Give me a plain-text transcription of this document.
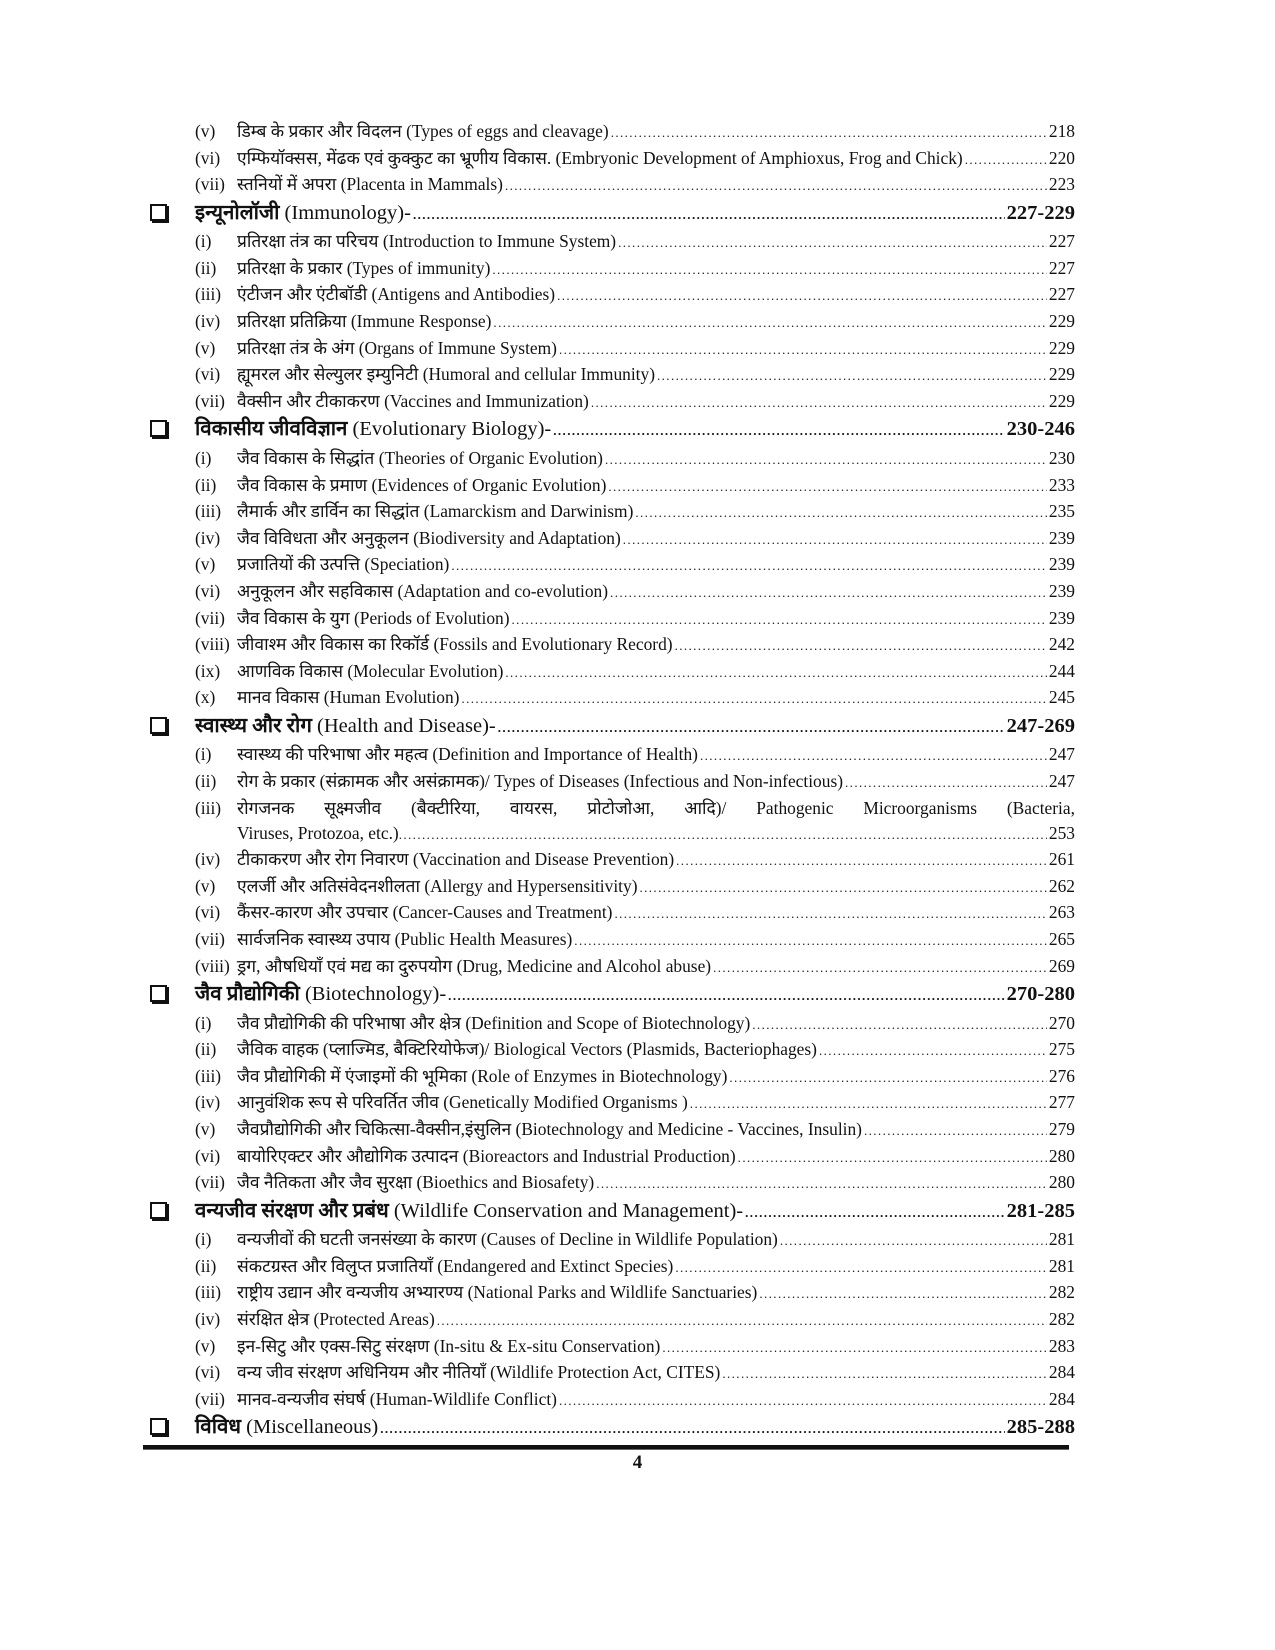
(v)	डिम्ब के प्रकार और विदलन (Types of eggs and cleavage) .....	218
(vi) एम्फियॉक्सस, मेंढक एवं कुक्कुट का भ्रूणीय विकास. (Embryonic Development of Amphioxus, Frog and Chick) .....	220
(vii) स्तनियों में अपरा (Placenta in Mammals) .....	223
इन्यूनोलॉजी (Immunology)- .....	227-229
(i)	प्रतिरक्षा तंत्र का परिचय (Introduction to Immune System) .....	227
(ii)	प्रतिरक्षा के प्रकार (Types of immunity) .....	227
(iii) एंटीजन और एंटीबॉडी (Antigens and Antibodies) .....	227
(iv) प्रतिरक्षा प्रतिक्रिया (Immune Response) .....	229
(v)	प्रतिरक्षा तंत्र के अंग (Organs of Immune System) .....	229
(vi) ह्यूमरल और सेल्युलर इम्युनिटी (Humoral and cellular Immunity) .....	229
(vii) वैक्सीन और टीकाकरण (Vaccines and Immunization) .....	229
विकासीय जीवविज्ञान (Evolutionary Biology)- .....	230-246
(i)	जैव विकास के सिद्धांत (Theories of Organic Evolution) .....	230
(ii)	जैव विकास के प्रमाण (Evidences of Organic Evolution) .....	233
(iii) लैमार्क और डार्विन का सिद्धांत (Lamarckism and Darwinism) .....	235
(iv) जैव विविधता और अनुकूलन (Biodiversity and Adaptation) .....	239
(v)	प्रजातियों की उत्पत्ति (Speciation) .....	239
(vi) अनुकूलन और सहविकास (Adaptation and co-evolution) .....	239
(vii) जैव विकास के युग (Periods of Evolution) .....	239
(viii) जीवाश्म और विकास का रिकॉर्ड (Fossils and Evolutionary Record) .....	242
(ix) आणविक विकास (Molecular Evolution) .....	244
(x)	मानव विकास (Human Evolution) .....	245
स्वास्थ्य और रोग (Health and Disease)- .....	247-269
(i)	स्वास्थ्य की परिभाषा और महत्व (Definition and Importance of Health) .....	247
(ii)	रोग के प्रकार (संक्रामक और असंक्रामक)/ Types of Diseases (Infectious and Non-infectious) .....	247
(iii) रोगजनक सूक्ष्मजीव (बैक्टीरिया, वायरस, प्रोटोजोआ, आदि)/ Pathogenic Microorganisms (Bacteria,
Viruses, Protozoa, etc.) .....	253
(iv) टीकाकरण और रोग निवारण (Vaccination and Disease Prevention) .....	261
(v)	एलर्जी और अतिसंवेदनशीलता (Allergy and Hypersensitivity) .....	262
(vi) कैंसर-कारण और उपचार (Cancer-Causes and Treatment) .....	263
(vii) सार्वजनिक स्वास्थ्य उपाय (Public Health Measures) .....	265
(viii) ड्रग, औषधियाँ एवं मद्य का दुरुपयोग (Drug, Medicine and Alcohol abuse) .....	269
जैव प्रौद्योगिकी (Biotechnology)- .....	270-280
(i)	जैव प्रौद्योगिकी की परिभाषा और क्षेत्र (Definition and Scope of Biotechnology) .....	270
(ii)	जैविक वाहक (प्लाज्मिड, बैक्टिरियोफेज)/ Biological Vectors (Plasmids, Bacteriophages) .....	275
(iii) जैव प्रौद्योगिकी में एंजाइमों की भूमिका (Role of Enzymes in Biotechnology) .....	276
(iv) आनुवंशिक रूप से परिवर्तित जीव (Genetically Modified Organisms ) .....	277
(v)	जैवप्रौद्योगिकी और चिकित्सा-वैक्सीन,इंसुलिन (Biotechnology and Medicine - Vaccines, Insulin) .....	279
(vi) बायोरिएक्टर और औद्योगिक उत्पादन (Bioreactors and Industrial Production) .....	280
(vii) जैव नैतिकता और जैव सुरक्षा (Bioethics and Biosafety) .....	280
वन्यजीव संरक्षण और प्रबंध (Wildlife Conservation and Management)- .....	281-285
(i)	वन्यजीवों की घटती जनसंख्या के कारण (Causes of Decline in Wildlife Population) .....	281
(ii)	संकटग्रस्त और विलुप्त प्रजातियाँ (Endangered and Extinct Species) .....	281
(iii) राष्ट्रीय उद्यान और वन्यजीय अभ्यारण्य (National Parks and Wildlife Sanctuaries) .....	282
(iv) संरक्षित क्षेत्र (Protected Areas) .....	282
(v)	इन-सिटु और एक्स-सिटु संरक्षण (In-situ & Ex-situ Conservation) .....	283
(vi) वन्य जीव संरक्षण अधिनियम और नीतियाँ (Wildlife Protection Act, CITES) .....	284
(vii) मानव-वन्यजीव संघर्ष (Human-Wildlife Conflict) .....	284
विविध (Miscellaneous) .....	285-288
4
